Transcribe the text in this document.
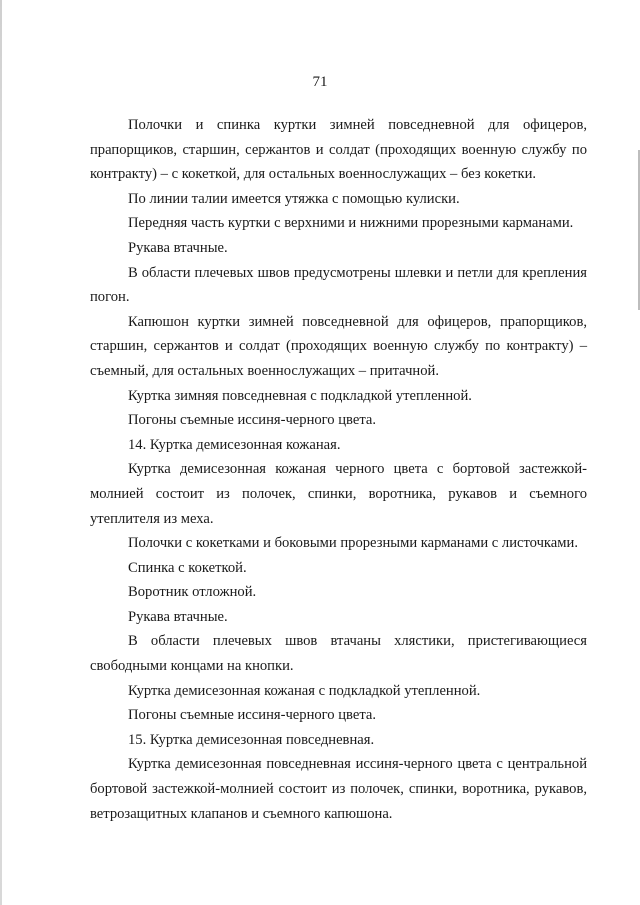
71

Полочки и спинка куртки зимней повседневной для офицеров, прапорщиков, старшин, сержантов и солдат (проходящих военную службу по контракту) – с кокеткой, для остальных военнослужащих – без кокетки.

По линии талии имеется утяжка с помощью кулиски.

Передняя часть куртки с верхними и нижними прорезными карманами.

Рукава втачные.

В области плечевых швов предусмотрены шлевки и петли для крепления погон.

Капюшон куртки зимней повседневной для офицеров, прапорщиков, старшин, сержантов и солдат (проходящих военную службу по контракту) – съемный, для остальных военнослужащих – притачной.

Куртка зимняя повседневная с подкладкой утепленной.

Погоны съемные иссиня-черного цвета.

14. Куртка демисезонная кожаная.

Куртка демисезонная кожаная черного цвета с бортовой застежкой-молнией состоит из полочек, спинки, воротника, рукавов и съемного утеплителя из меха.

Полочки с кокетками и боковыми прорезными карманами с листочками.

Спинка с кокеткой.

Воротник отложной.

Рукава втачные.

В области плечевых швов втачаны хлястики, пристегивающиеся свободными концами на кнопки.

Куртка демисезонная кожаная с подкладкой утепленной.

Погоны съемные иссиня-черного цвета.

15. Куртка демисезонная повседневная.

Куртка демисезонная повседневная иссиня-черного цвета с центральной бортовой застежкой-молнией состоит из полочек, спинки, воротника, рукавов, ветрозащитных клапанов и съемного капюшона.
